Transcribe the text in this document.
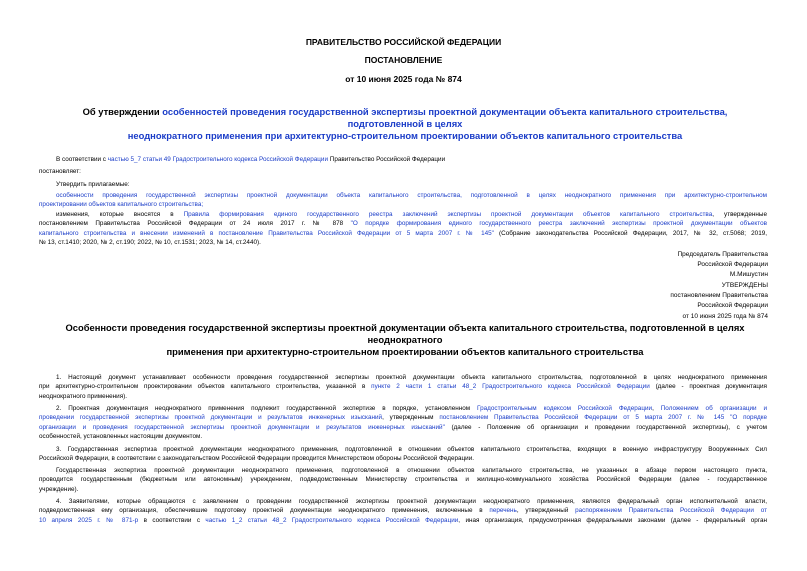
ПРАВИТЕЛЬСТВО РОССИЙСКОЙ ФЕДЕРАЦИИ
ПОСТАНОВЛЕНИЕ
от 10 июня 2025 года № 874
Об утверждении особенностей проведения государственной экспертизы проектной документации объекта капитального строительства, подготовленной в целях
неоднократного применения при архитектурно-строительном проектировании объектов капитального строительства
В соответствии с частью 5_7 статьи 49 Градостроительного кодекса Российской Федерации Правительство Российской Федерации
постановляет:
Утвердить прилагаемые:
особенности проведения государственной экспертизы проектной документации объекта капитального строительства, подготовленной в целях неоднократного применения при архитектурно-строительном
проектировании объектов капитального строительства;
изменения, которые вносятся в Правила формирования единого государственного реестра заключений экспертизы проектной документации объектов капитального строительства, утвержденные
постановлением Правительства Российской Федерации от 24 июля 2017 г. № 878 "О порядке формирования единого государственного реестра заключений экспертизы проектной документации объектов
капитального строительства и внесении изменений в постановление Правительства Российской Федерации от 5 марта 2007 г. № 145" (Собрание законодательства Российской Федерации, 2017, № 32, ст.5068; 2019,
№ 13, ст.1410; 2020, № 2, ст.190; 2022, № 10, ст.1531; 2023, № 14, ст.2440).
Председатель Правительства
Российской Федерации
М.Мишустин
УТВЕРЖДЕНЫ
постановлением Правительства
Российской Федерации
от 10 июня 2025 года № 874
Особенности проведения государственной экспертизы проектной документации объекта капитального строительства, подготовленной в целях неоднократного
применения при архитектурно-строительном проектировании объектов капитального строительства
1. Настоящий документ устанавливает особенности проведения государственной экспертизы проектной документации объекта капитального строительства, подготовленной в целях неоднократного применения
при архитектурно-строительном проектировании объектов капитального строительства, указанной в пункте 2 части 1 статьи 48_2 Градостроительного кодекса Российской Федерации (далее - проектная документация
неоднократного применения).
2. Проектная документация неоднократного применения подлежит государственной экспертизе в порядке, установленном Градостроительным кодексом Российской Федерации, Положением об организации и
проведении государственной экспертизы проектной документации и результатов инженерных изысканий, утвержденным постановлением Правительства Российской Федерации от 5 марта 2007 г. № 145 "О порядке
организации и проведения государственной экспертизы проектной документации и результатов инженерных изысканий" (далее - Положение об организации и проведении государственной экспертизы), с учетом
особенностей, установленных настоящим документом.
3. Государственная экспертиза проектной документации неоднократного применения, подготовленной в отношении объектов капитального строительства, входящих в военную инфраструктуру Вооруженных Сил
Российской Федерации, в соответствии с законодательством Российской Федерации проводится Министерством обороны Российской Федерации.
Государственная экспертиза проектной документации неоднократного применения, подготовленной в отношении объектов капитального строительства, не указанных в абзаце первом настоящего пункта,
проводится государственным (бюджетным или автономным) учреждением, подведомственным Министерству строительства и жилищно-коммунального хозяйства Российской Федерации (далее - государственное
учреждение).
4. Заявителями, которые обращаются с заявлением о проведении государственной экспертизы проектной документации неоднократного применения, являются федеральный орган исполнительной власти,
подведомственная ему организация, обеспечившие подготовку проектной документации неоднократного применения, включенные в перечень, утвержденный распоряжением Правительства Российской Федерации от
10 апреля 2025 г. № 871-р в соответствии с частью 1_2 статьи 48_2 Градостроительного кодекса Российской Федерации, иная организация, предусмотренная федеральными законами (далее - федеральный орган
